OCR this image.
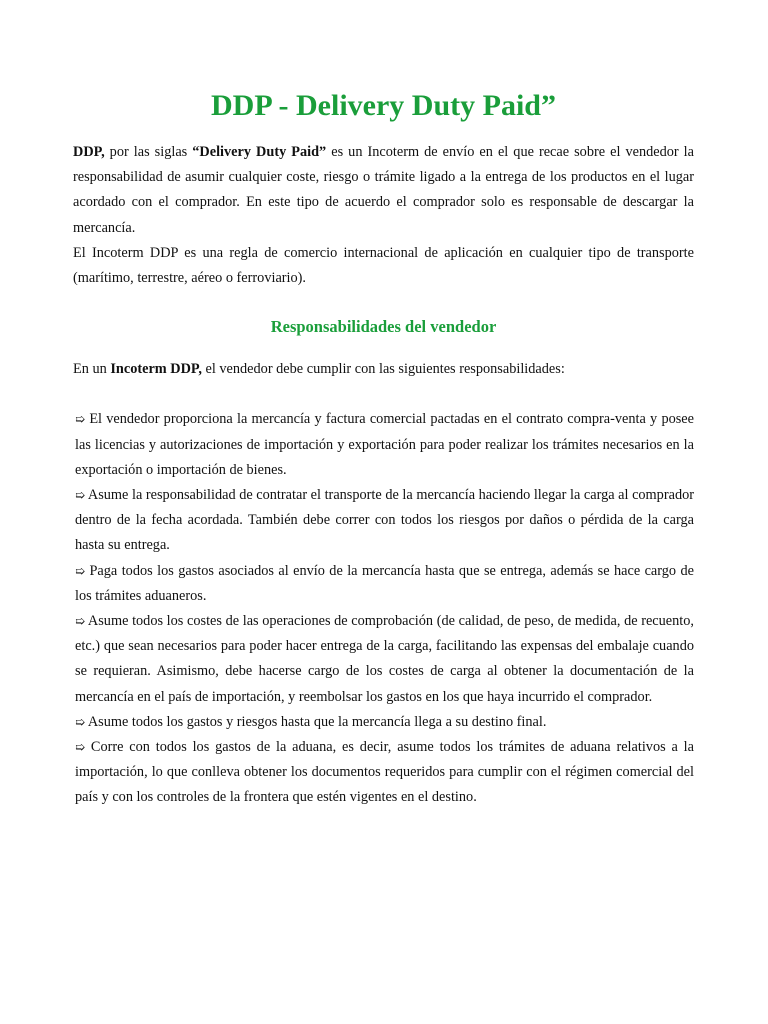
DDP - Delivery Duty Paid”

DDP, por las siglas “Delivery Duty Paid” es un Incoterm de envío en el que recae sobre el vendedor la responsabilidad de asumir cualquier coste, riesgo o trámite ligado a la entrega de los productos en el lugar acordado con el comprador. En este tipo de acuerdo el comprador solo es responsable de descargar la mercancía.

El Incoterm DDP es una regla de comercio internacional de aplicación en cualquier tipo de transporte (marítimo, terrestre, aéreo o ferroviario).

Responsabilidades del vendedor

En un Incoterm DDP, el vendedor debe cumplir con las siguientes responsabilidades:

➯ El vendedor proporciona la mercancía y factura comercial pactadas en el contrato compra-venta y posee las licencias y autorizaciones de importación y exportación para poder realizar los trámites necesarios en la exportación o importación de bienes.

➯ Asume la responsabilidad de contratar el transporte de la mercancía haciendo llegar la carga al comprador dentro de la fecha acordada. También debe correr con todos los riesgos por daños o pérdida de la carga hasta su entrega.

➯ Paga todos los gastos asociados al envío de la mercancía hasta que se entrega, además se hace cargo de los trámites aduaneros.

➯ Asume todos los costes de las operaciones de comprobación (de calidad, de peso, de medida, de recuento, etc.) que sean necesarios para poder hacer entrega de la carga, facilitando las expensas del embalaje cuando se requieran. Asimismo, debe hacerse cargo de los costes de carga al obtener la documentación de la mercancía en el país de importación, y reembolsar los gastos en los que haya incurrido el comprador.

➯ Asume todos los gastos y riesgos hasta que la mercancía llega a su destino final.

➯ Corre con todos los gastos de la aduana, es decir, asume todos los trámites de aduana relativos a la importación, lo que conlleva obtener los documentos requeridos para cumplir con el régimen comercial del país y con los controles de la frontera que estén vigentes en el destino.
